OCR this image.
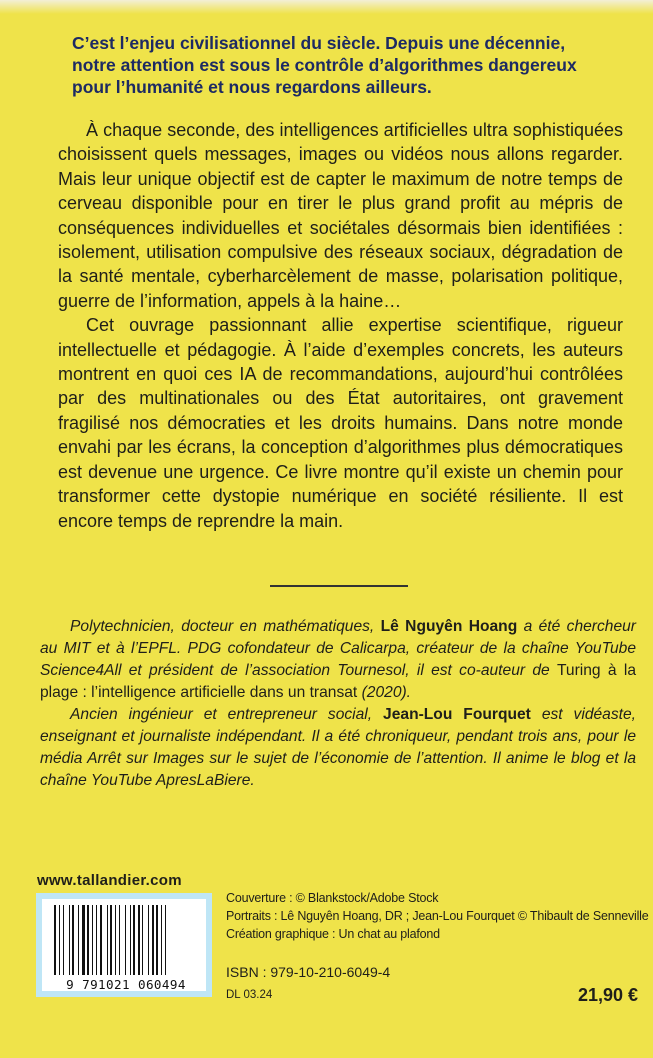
C’est l’enjeu civilisationnel du siècle. Depuis une décennie, notre attention est sous le contrôle d’algorithmes dangereux pour l’humanité et nous regardons ailleurs.

À chaque seconde, des intelligences artificielles ultra sophistiquées choisissent quels messages, images ou vidéos nous allons regarder. Mais leur unique objectif est de capter le maximum de notre temps de cerveau disponible pour en tirer le plus grand profit au mépris de conséquences individuelles et sociétales désormais bien identifiées : isolement, utilisation compulsive des réseaux sociaux, dégradation de la santé mentale, cyberharcèlement de masse, polarisation politique, guerre de l’information, appels à la haine…

Cet ouvrage passionnant allie expertise scientifique, rigueur intellectuelle et pédagogie. À l’aide d’exemples concrets, les auteurs montrent en quoi ces IA de recommandations, aujourd’hui contrôlées par des multinationales ou des État autoritaires, ont gravement fragilisé nos démocraties et les droits humains. Dans notre monde envahi par les écrans, la conception d’algorithmes plus démocratiques est devenue une urgence. Ce livre montre qu’il existe un chemin pour transformer cette dystopie numérique en société résiliente. Il est encore temps de reprendre la main.

Polytechnicien, docteur en mathématiques, Lê Nguyên Hoang a été chercheur au MIT et à l’EPFL. PDG cofondateur de Calicarpa, créateur de la chaîne YouTube Science4All et président de l’association Tournesol, il est co-auteur de Turing à la plage : l’intelligence artificielle dans un transat (2020).

Ancien ingénieur et entrepreneur social, Jean-Lou Fourquet est vidéaste, enseignant et journaliste indépendant. Il a été chroniqueur, pendant trois ans, pour le média Arrêt sur Images sur le sujet de l’économie de l’attention. Il anime le blog et la chaîne YouTube ApresLaBiere.

www.tallandier.com
9 791021 060494
Couverture : © Blankstock/Adobe Stock
Portraits : Lê Nguyên Hoang, DR ; Jean-Lou Fourquet © Thibault de Senneville
Création graphique : Un chat au plafond
ISBN : 979-10-210-6049-4
DL 03.24	21,90 €
